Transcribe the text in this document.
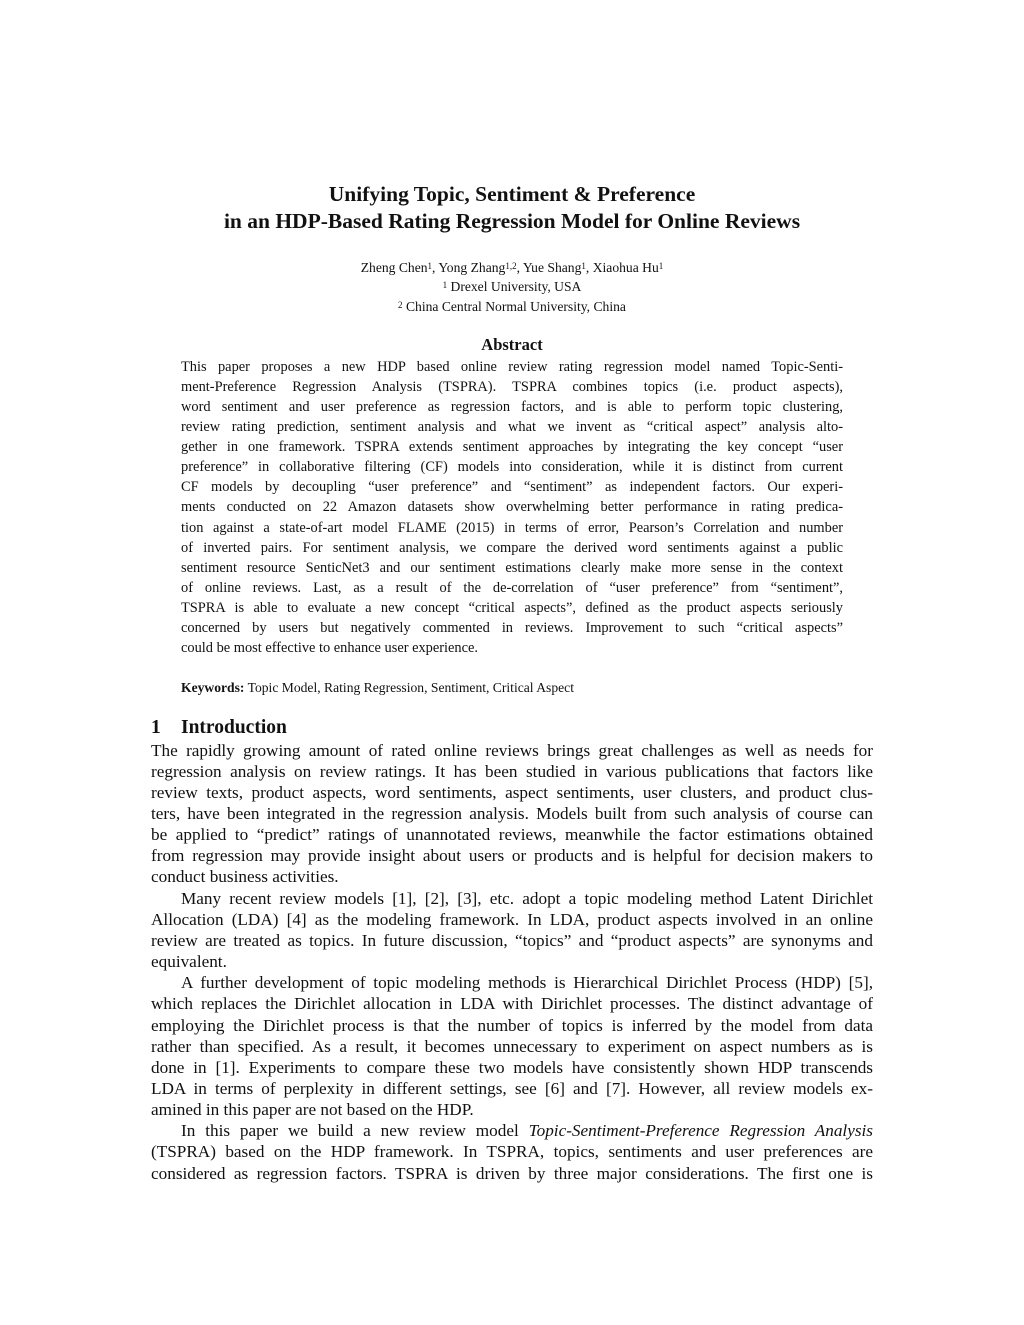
Unifying Topic, Sentiment & Preference
in an HDP-Based Rating Regression Model for Online Reviews
Zheng Chen$^1$, Yong Zhang$^{1,2}$, Yue Shang$^1$, Xiaohua Hu$^1$
$^1$ Drexel University, USA
$^2$ China Central Normal University, China
Abstract
This paper proposes a new HDP based online review rating regression model named Topic-Senti-
ment-Preference Regression Analysis (TSPRA). TSPRA combines topics (i.e. product aspects),
word sentiment and user preference as regression factors, and is able to perform topic clustering,
review rating prediction, sentiment analysis and what we invent as “critical aspect” analysis alto-
gether in one framework. TSPRA extends sentiment approaches by integrating the key concept “user
preference” in collaborative filtering (CF) models into consideration, while it is distinct from current
CF models by decoupling “user preference” and “sentiment” as independent factors. Our experi-
ments conducted on 22 Amazon datasets show overwhelming better performance in rating predica-
tion against a state-of-art model FLAME (2015) in terms of error, Pearson’s Correlation and number
of inverted pairs. For sentiment analysis, we compare the derived word sentiments against a public
sentiment resource SenticNet3 and our sentiment estimations clearly make more sense in the context
of online reviews. Last, as a result of the de-correlation of “user preference” from “sentiment”,
TSPRA is able to evaluate a new concept “critical aspects”, defined as the product aspects seriously
concerned by users but negatively commented in reviews. Improvement to such “critical aspects”
could be most effective to enhance user experience.
Keywords: Topic Model, Rating Regression, Sentiment, Critical Aspect
1 Introduction
The rapidly growing amount of rated online reviews brings great challenges as well as needs for
regression analysis on review ratings. It has been studied in various publications that factors like
review texts, product aspects, word sentiments, aspect sentiments, user clusters, and product clus-
ters, have been integrated in the regression analysis. Models built from such analysis of course can
be applied to “predict” ratings of unannotated reviews, meanwhile the factor estimations obtained
from regression may provide insight about users or products and is helpful for decision makers to
conduct business activities.
Many recent review models [1], [2], [3], etc. adopt a topic modeling method Latent Dirichlet
Allocation (LDA) [4] as the modeling framework. In LDA, product aspects involved in an online
review are treated as topics. In future discussion, “topics” and “product aspects” are synonyms and
equivalent.
A further development of topic modeling methods is Hierarchical Dirichlet Process (HDP) [5],
which replaces the Dirichlet allocation in LDA with Dirichlet processes. The distinct advantage of
employing the Dirichlet process is that the number of topics is inferred by the model from data
rather than specified. As a result, it becomes unnecessary to experiment on aspect numbers as is
done in [1]. Experiments to compare these two models have consistently shown HDP transcends
LDA in terms of perplexity in different settings, see [6] and [7]. However, all review models ex-
amined in this paper are not based on the HDP.
In this paper we build a new review model Topic-Sentiment-Preference Regression Analysis
(TSPRA) based on the HDP framework. In TSPRA, topics, sentiments and user preferences are
considered as regression factors. TSPRA is driven by three major considerations. The first one is
